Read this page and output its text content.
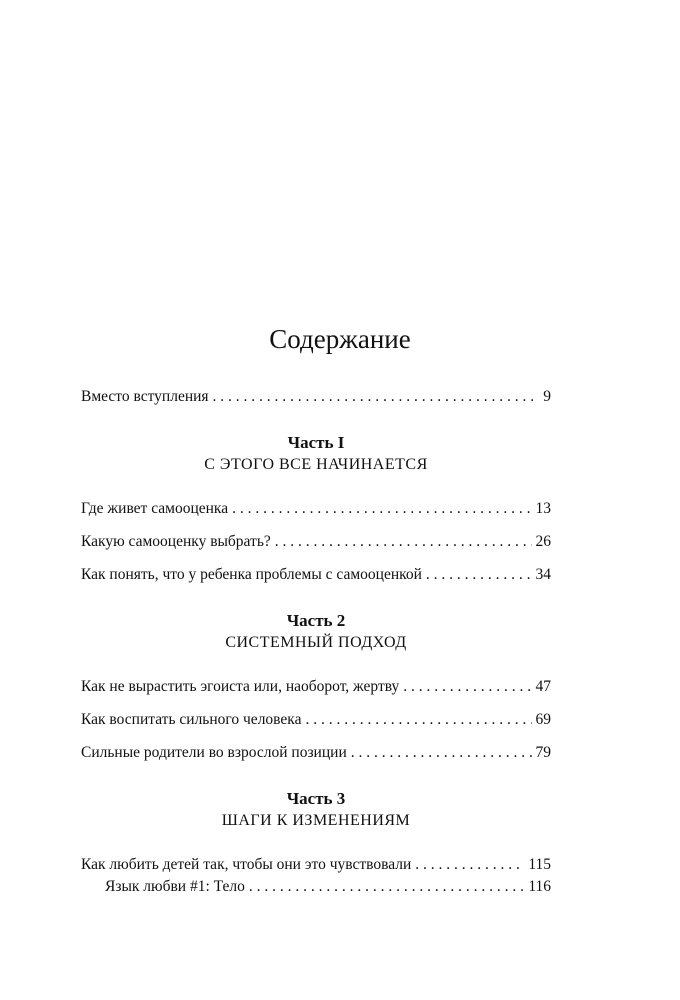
Содержание
Вместо вступления . . .	9
Часть I
С ЭТОГО ВСЕ НАЧИНАЕТСЯ
Где живет самооценка . . .	13
Какую самооценку выбрать? . . .	26
Как понять, что у ребенка проблемы с самооценкой . . .	34
Часть 2
СИСТЕМНЫЙ ПОДХОД
Как не вырастить эгоиста или, наоборот, жертву . . .	47
Как воспитать сильного человека . . .	69
Сильные родители во взрослой позиции . . .	79
Часть 3
ШАГИ К ИЗМЕНЕНИЯМ
Как любить детей так, чтобы они это чувствовали . . .	115
Язык любви #1: Тело . . .	116
